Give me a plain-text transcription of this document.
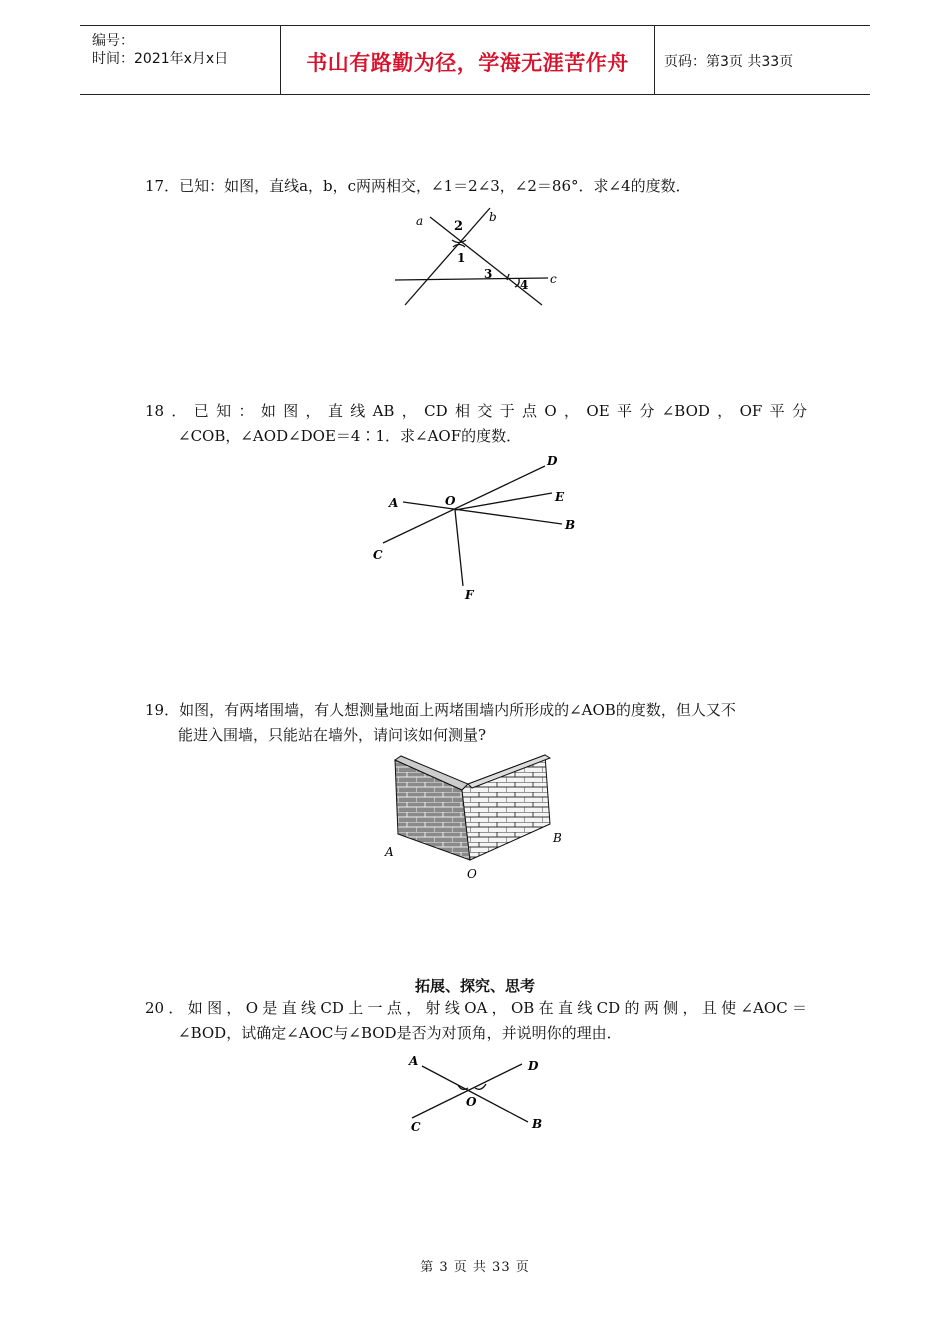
编号：
时间：2021年x月x日	书山有路勤为径，学海无涯苦作舟	页码：第3页 共33页
17．已知：如图，直线a，b，c两两相交，∠1＝2∠3，∠2＝86°．求∠4的度数．
a	b
c
2
1
3
4
18．已知：如图，直线AB，CD相交于点O，OE平分∠BOD，OF平分
∠COB，∠AOD∠DOE＝4∶1．求∠AOF的度数．
D
E
B
A	O
C
F
19．如图，有两堵围墙，有人想测量地面上两堵围墙内所形成的∠AOB的度数，但人又不
能进入围墙，只能站在墙外，请问该如何测量?
A
B
O
拓展、探究、思考
20．如图，O是直线CD上一点，射线OA，OB在直线CD的两侧，且使∠AOC＝
∠BOD，试确定∠AOC与∠BOD是否为对顶角，并说明你的理由．
A	D
O
C	B
第 3 页 共 33 页
